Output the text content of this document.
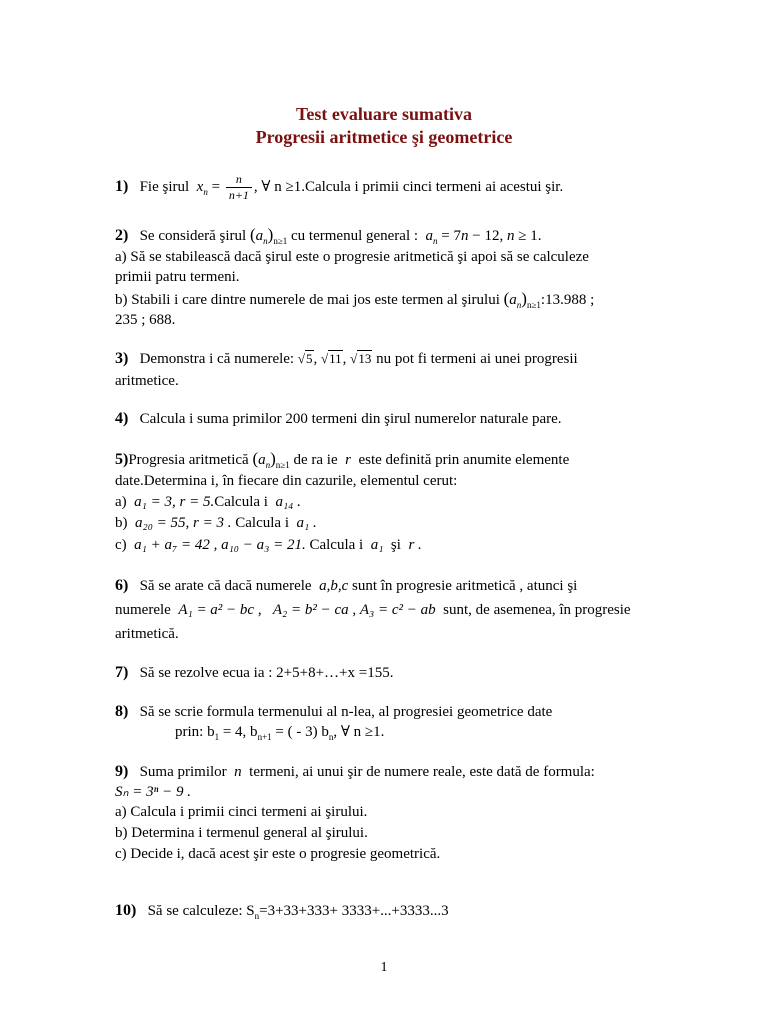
Test evaluare sumativa
Progresii aritmetice şi geometrice
1) Fie şirul $x_n = \frac{n}{n+1}$ , ∀ n ≥1.Calcula i primii cinci termeni ai acestui şir.
2) Se consideră şirul $(a_n)_{n\ge 1}$ cu termenul general : $a_n = 7n - 12$, n ≥ 1.
a) Să se stabilească dacă şirul este o progresie aritmetică şi apoi să se calculeze
primii patru termeni.
b) Stabili i care dintre numerele de mai jos este termen al şirului $(a_n)_{n\ge 1}:13.988$ ;
235 ; 688.
3) Demonstra i că numerele: √5, √11, √13 nu pot fi termeni ai unei progresii
aritmetice.
4) Calcula i suma primilor 200 termeni din şirul numerelor naturale pare.
5)Progresia aritmetică $(a_n)_{n\ge 1}$ de ra ie r este definită prin anumite elemente
date.Determina i, în fiecare din cazurile, elementul cerut:
a) a₁ = 3, r = 5.Calcula i a₁₄ .
b) a₂₀ = 55, r = 3 . Calcula i a₁ .
c) a₁ + a₇ = 42 , a₁₀ − a₃ = 21. Calcula i a₁ şi r .
6) Să se arate că dacă numerele a,b,c sunt în progresie aritmetică , atunci şi
numerele A₁ = a² − bc , A₂ = b² − ca , A₃ = c² − ab sunt, de asemenea, în progresie
aritmetică.
7) Să se rezolve ecua ia : 2+5+8+…+x =155.
8) Să se scrie formula termenului al n-lea, al progresiei geometrice date
prin: $b_1 = 4$, $b_{n+1}$ = ( - 3) $b_n$, ∀ n ≥1.
9) Suma primilor n termeni, ai unui şir de numere reale, este dată de formula:
Sₙ = 3ⁿ − 9 .
a) Calcula i primii cinci termeni ai şirului.
b) Determina i termenul general al şirului.
c) Decide i, dacă acest şir este o progresie geometrică.
10) Să se calculeze: $S_n=3+33+333+ 3333+...+3333...3$
1
